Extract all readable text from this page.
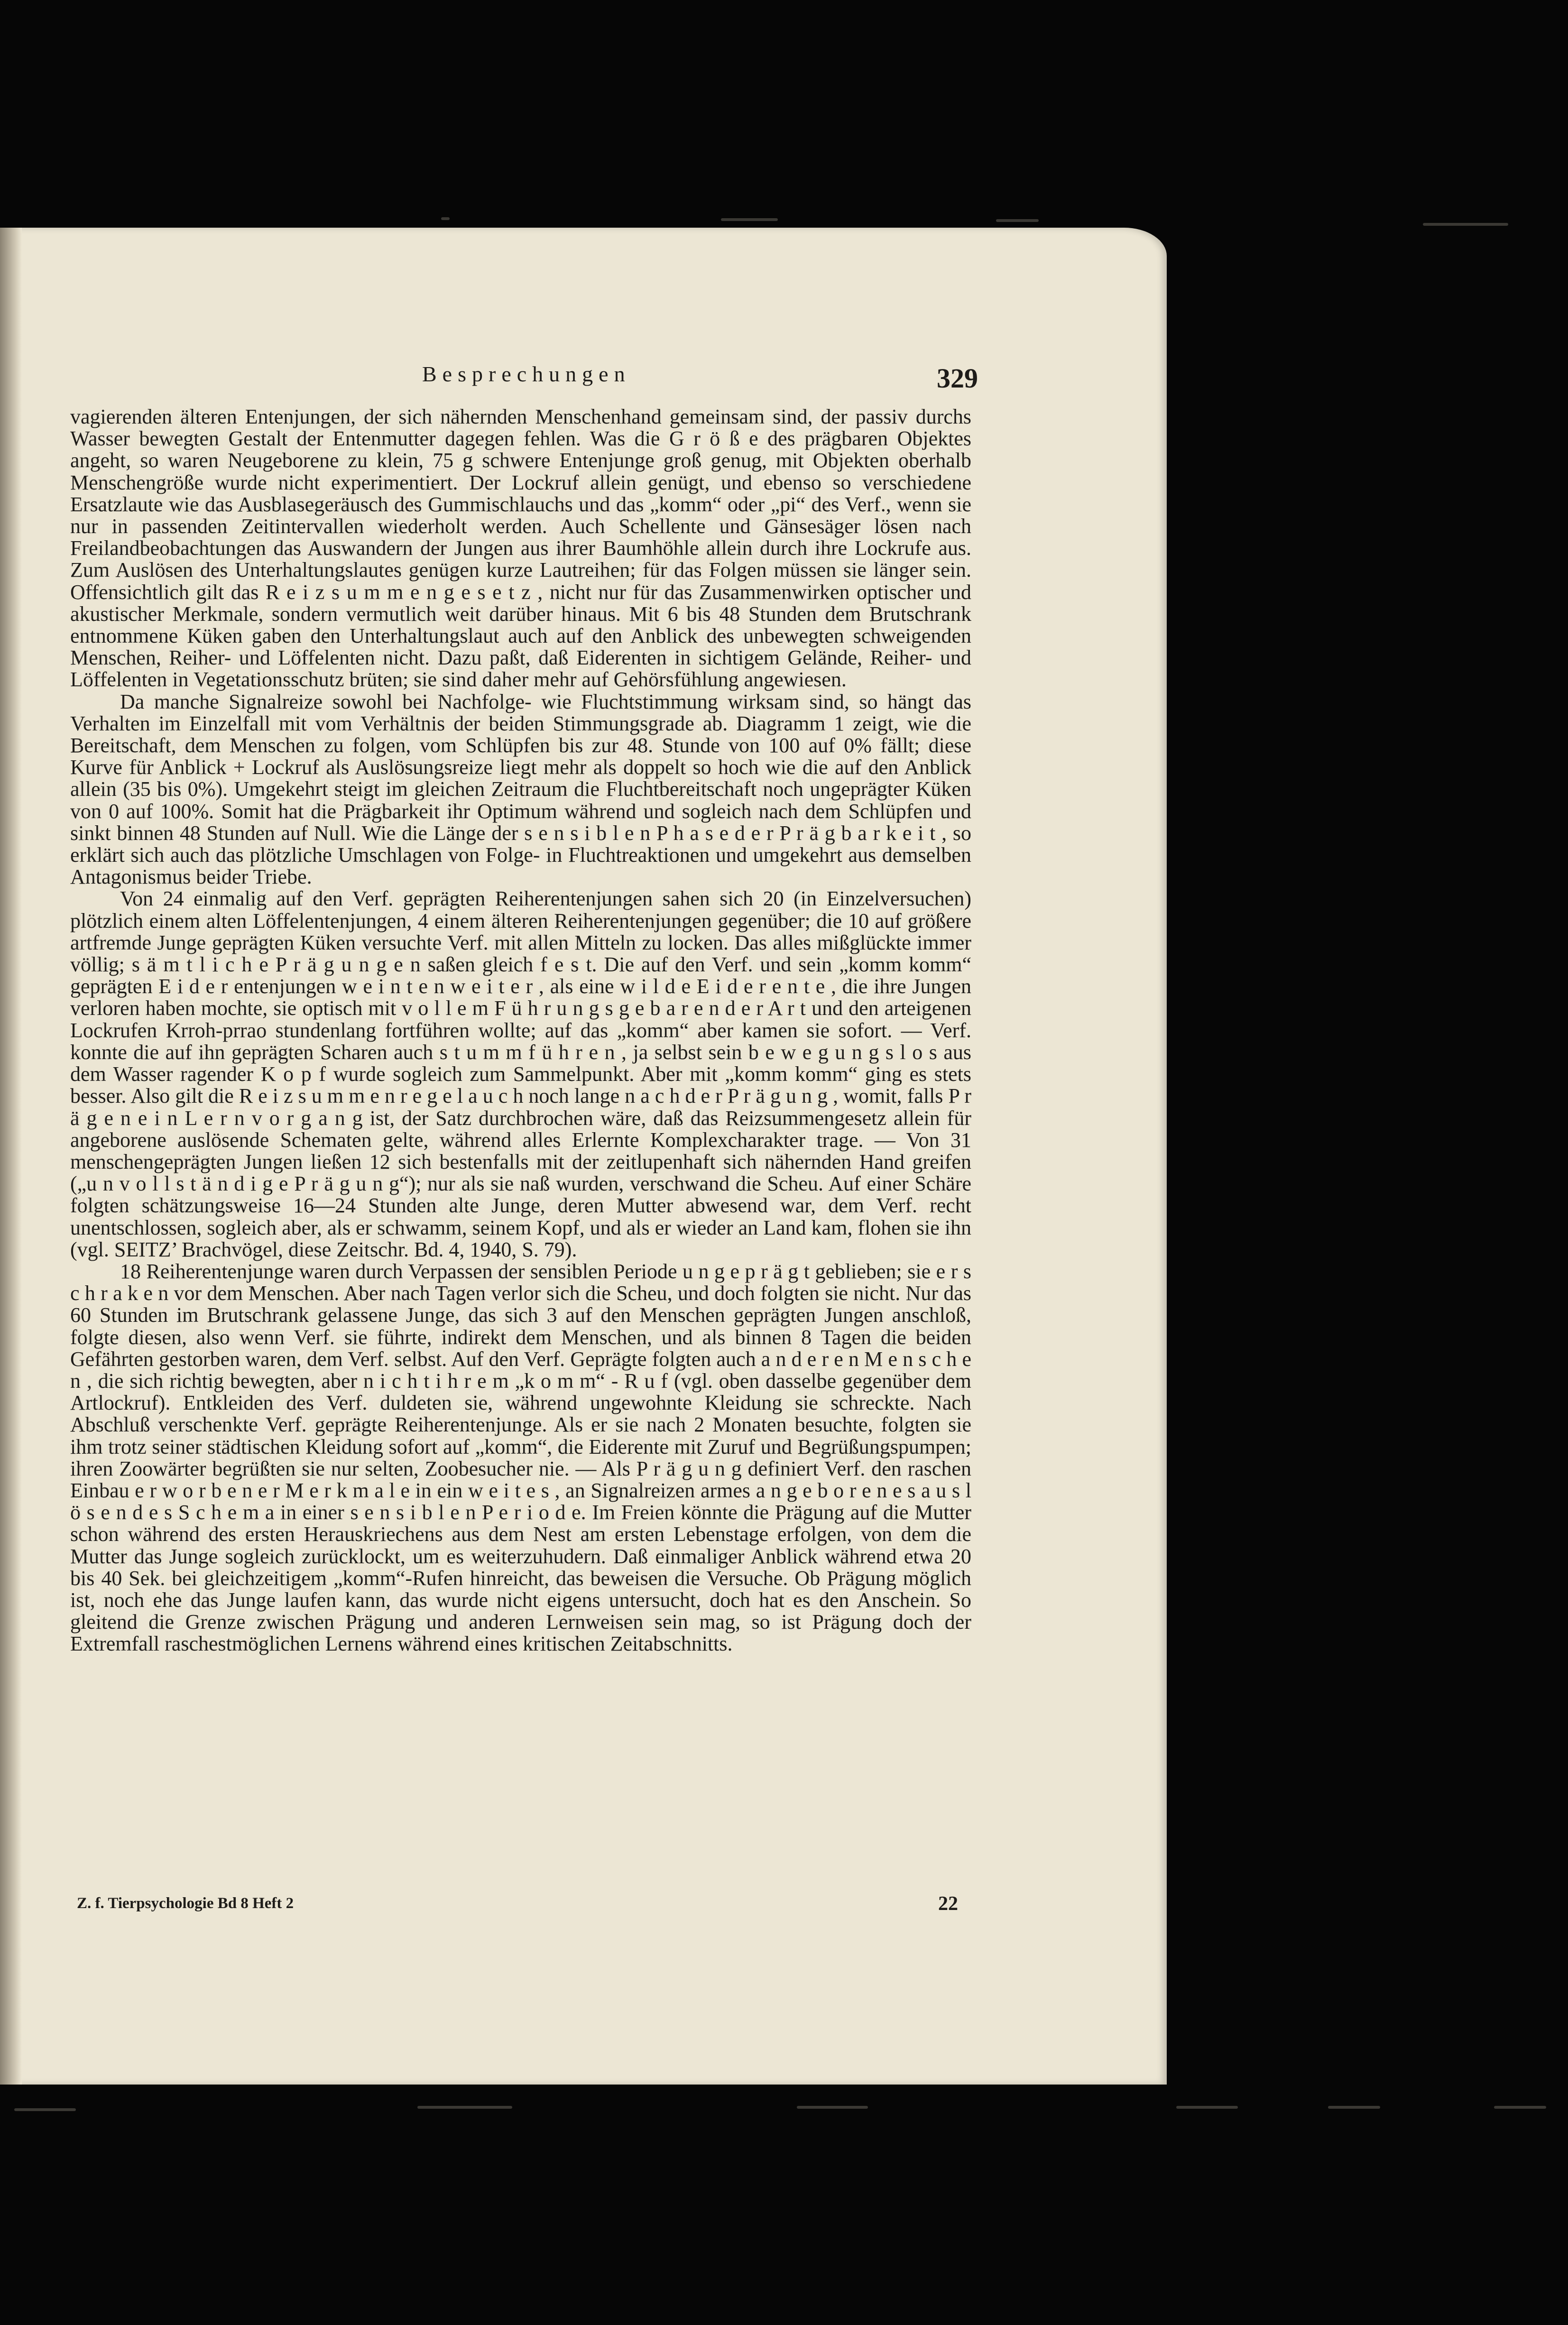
Besprechungen	329

vagierenden älteren Entenjungen, der sich nähernden Menschenhand gemeinsam sind, der passiv durchs Wasser bewegten Gestalt der Entenmutter dagegen fehlen. Was die G r ö ß e des prägbaren Objektes angeht, so waren Neugeborene zu klein, 75 g schwere Entenjunge groß genug, mit Objekten oberhalb Menschengröße wurde nicht experimentiert. Der Lockruf allein genügt, und ebenso so verschiedene Ersatzlaute wie das Ausblasegeräusch des Gummischlauchs und das „komm“ oder „pi“ des Verf., wenn sie nur in passenden Zeitintervallen wiederholt werden. Auch Schellente und Gänsesäger lösen nach Freilandbeobachtungen das Auswandern der Jungen aus ihrer Baumhöhle allein durch ihre Lockrufe aus. Zum Auslösen des Unterhaltungslautes genügen kurze Lautreihen; für das Folgen müssen sie länger sein. Offensichtlich gilt das R e i z s u m m e n g e s e t z , nicht nur für das Zusammenwirken optischer und akustischer Merkmale, sondern vermutlich weit darüber hinaus. Mit 6 bis 48 Stunden dem Brutschrank entnommene Küken gaben den Unterhaltungslaut auch auf den Anblick des unbewegten schweigenden Menschen, Reiher- und Löffelenten nicht. Dazu paßt, daß Eiderenten in sichtigem Gelände, Reiher- und Löffelenten in Vegetationsschutz brüten; sie sind daher mehr auf Gehörsfühlung angewiesen.

Da manche Signalreize sowohl bei Nachfolge- wie Fluchtstimmung wirksam sind, so hängt das Verhalten im Einzelfall mit vom Verhältnis der beiden Stimmungsgrade ab. Diagramm 1 zeigt, wie die Bereitschaft, dem Menschen zu folgen, vom Schlüpfen bis zur 48. Stunde von 100 auf 0% fällt; diese Kurve für Anblick + Lockruf als Auslösungsreize liegt mehr als doppelt so hoch wie die auf den Anblick allein (35 bis 0%). Umgekehrt steigt im gleichen Zeitraum die Fluchtbereitschaft noch ungeprägter Küken von 0 auf 100%. Somit hat die Prägbarkeit ihr Optimum während und sogleich nach dem Schlüpfen und sinkt binnen 48 Stunden auf Null. Wie die Länge der s e n s i b l e n P h a s e d e r P r ä g b a r k e i t , so erklärt sich auch das plötzliche Umschlagen von Folge- in Fluchtreaktionen und umgekehrt aus demselben Antagonismus beider Triebe.

Von 24 einmalig auf den Verf. geprägten Reiherentenjungen sahen sich 20 (in Einzelversuchen) plötzlich einem alten Löffelentenjungen, 4 einem älteren Reiherentenjungen gegenüber; die 10 auf größere artfremde Junge geprägten Küken versuchte Verf. mit allen Mitteln zu locken. Das alles mißglückte immer völlig; s ä m t l i c h e P r ä g u n g e n saßen gleich f e s t. Die auf den Verf. und sein „komm komm“ geprägten E i d e r entenjungen w e i n t e n w e i t e r , als eine w i l d e E i d e r e n t e , die ihre Jungen verloren haben mochte, sie optisch mit v o l l e m F ü h r u n g s g e b a r e n d e r A r t und den arteigenen Lockrufen Krroh-prrao stundenlang fortführen wollte; auf das „komm“ aber kamen sie sofort. — Verf. konnte die auf ihn geprägten Scharen auch s t u m m f ü h r e n , ja selbst sein b e w e g u n g s l o s aus dem Wasser ragender K o p f wurde sogleich zum Sammelpunkt. Aber mit „komm komm“ ging es stets besser. Also gilt die R e i z s u m m e n r e g e l a u c h noch lange n a c h d e r P r ä g u n g , womit, falls P r ä g e n e i n L e r n v o r g a n g ist, der Satz durchbrochen wäre, daß das Reizsummengesetz allein für angeborene auslösende Schematen gelte, während alles Erlernte Komplexcharakter trage. — Von 31 menschengeprägten Jungen ließen 12 sich bestenfalls mit der zeitlupenhaft sich nähernden Hand greifen („u n v o l l s t ä n d i g e P r ä g u n g“); nur als sie naß wurden, verschwand die Scheu. Auf einer Schäre folgten schätzungsweise 16—24 Stunden alte Junge, deren Mutter abwesend war, dem Verf. recht unentschlossen, sogleich aber, als er schwamm, seinem Kopf, und als er wieder an Land kam, flohen sie ihn (vgl. SEITZ’ Brachvögel, diese Zeitschr. Bd. 4, 1940, S. 79).

18 Reiherentenjunge waren durch Verpassen der sensiblen Periode u n g e p r ä g t geblieben; sie e r s c h r a k e n vor dem Menschen. Aber nach Tagen verlor sich die Scheu, und doch folgten sie nicht. Nur das 60 Stunden im Brutschrank gelassene Junge, das sich 3 auf den Menschen geprägten Jungen anschloß, folgte diesen, also wenn Verf. sie führte, indirekt dem Menschen, und als binnen 8 Tagen die beiden Gefährten gestorben waren, dem Verf. selbst. Auf den Verf. Geprägte folgten auch a n d e r e n M e n s c h e n , die sich richtig bewegten, aber n i c h t i h r e m „k o m m“ - R u f (vgl. oben dasselbe gegenüber dem Artlockruf). Entkleiden des Verf. duldeten sie, während ungewohnte Kleidung sie schreckte. Nach Abschluß verschenkte Verf. geprägte Reiherentenjunge. Als er sie nach 2 Monaten besuchte, folgten sie ihm trotz seiner städtischen Kleidung sofort auf „komm“, die Eiderente mit Zuruf und Begrüßungspumpen; ihren Zoowärter begrüßten sie nur selten, Zoobesucher nie. — Als P r ä g u n g definiert Verf. den raschen Einbau e r w o r b e n e r M e r k m a l e in ein w e i t e s , an Signalreizen armes a n g e b o r e n e s a u s l ö s e n d e s S c h e m a in einer s e n s i b l e n P e r i o d e. Im Freien könnte die Prägung auf die Mutter schon während des ersten Herauskriechens aus dem Nest am ersten Lebenstage erfolgen, von dem die Mutter das Junge sogleich zurücklockt, um es weiterzuhudern. Daß einmaliger Anblick während etwa 20 bis 40 Sek. bei gleichzeitigem „komm“-Rufen hinreicht, das beweisen die Versuche. Ob Prägung möglich ist, noch ehe das Junge laufen kann, das wurde nicht eigens untersucht, doch hat es den Anschein. So gleitend die Grenze zwischen Prägung und anderen Lernweisen sein mag, so ist Prägung doch der Extremfall raschestmöglichen Lernens während eines kritischen Zeitabschnitts.

Z. f. Tierpsychologie Bd 8 Heft 2	22
